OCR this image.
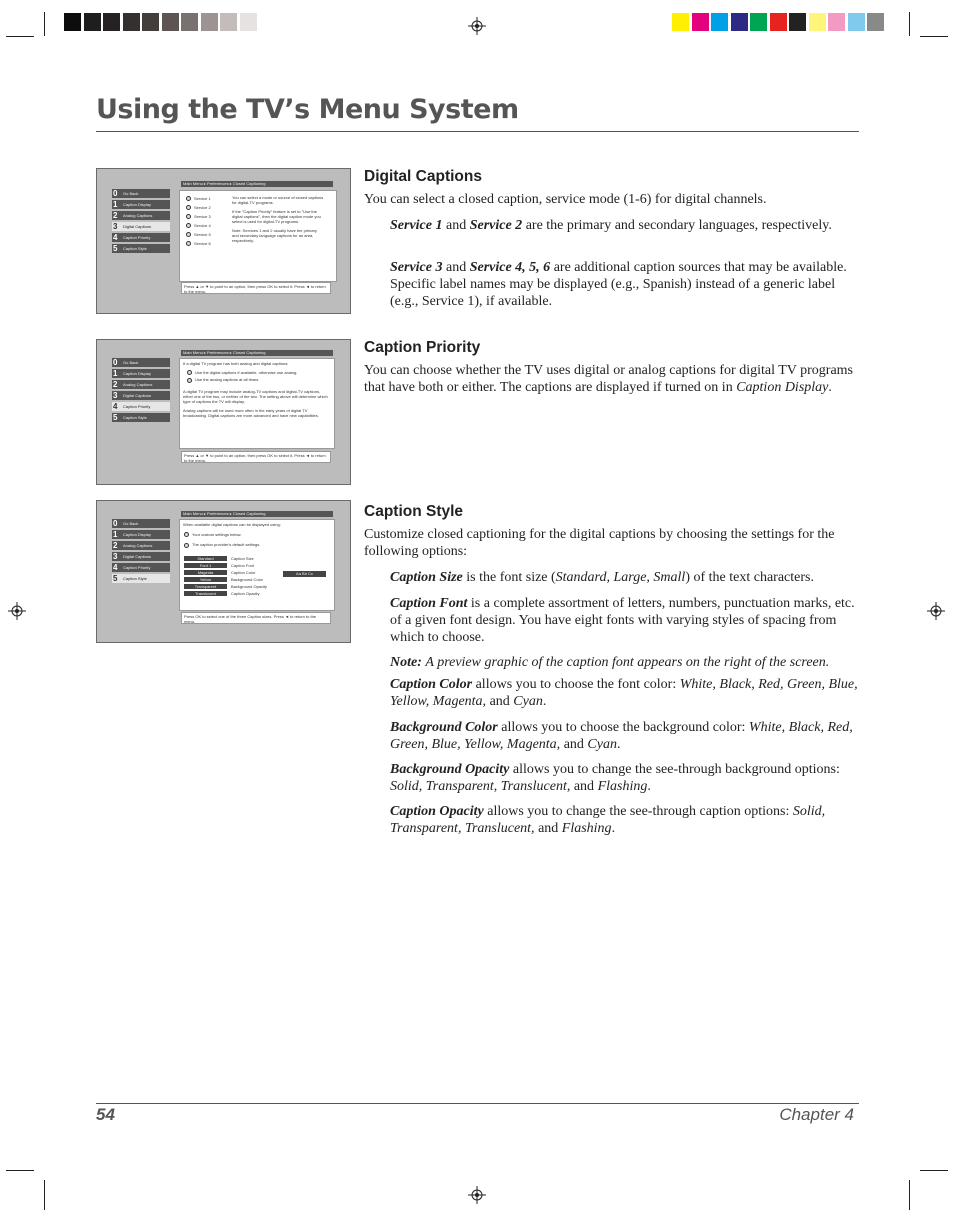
Using the TV’s Menu System
Main Menu ▸ Preferences ▸ Closed Captioning
0 Go Back
1 Caption Display
2 Analog Captions
3 Digital Captions
4 Caption Priority
5 Caption Style
Service 1
Service 2
Service 3
Service 4
Service 5
Service 6

You can select a mode or source of closed captions for digital-TV programs.

If the "Caption Priority" feature is set to "Use the digital captions", then the digital caption mode you select is used for digital-TV programs.

Note: Services 1 and 2 usually have the primary and secondary language captions for an area, respectively.

Press ▲ or ▼ to point to an option, then press OK to select it. Press ◄ to return to the menu.
Main Menu ▸ Preferences ▸ Closed Captioning
0 Go Back
1 Caption Display
2 Analog Captions
3 Digital Captions
4 Caption Priority
5 Caption Style

If a digital TV program has both analog and digital captions:

Use the digital captions if available, otherwise use analog.
Use the analog captions at all times.

A digital TV program may include analog-TV captions and digital-TV captions, either one of the two, or neither of the two. The setting above will determine which type of captions the TV will display.

Analog captions will be used more often in the early years of digital TV broadcasting. Digital captions are more advanced and have new capabilities.

Press ▲ or ▼ to point to an option, then press OK to select it. Press ◄ to return to the menu.
Main Menu ▸ Preferences ▸ Closed Captioning
0 Go Back
1 Caption Display
2 Analog Captions
3 Digital Captions
4 Caption Priority
5 Caption Style
When available digital captions can be displayed using:
Your custom settings below.
The caption provider's default settings.
Standard	Caption Size
Font 1	Caption Font
Magenta	Caption Color
Yellow	Background Color
Transparent	Background Opacity
Translucent	Caption Opacity
Aa Bb Cc
Press OK to select one of the three Caption sizes. Press ◄ to return to the menu.
Digital Captions

You can select a closed caption, service mode (1-6) for digital channels.

Service 1 and Service 2 are the primary and secondary languages, respectively.

Service 3 and Service 4, 5, 6 are additional caption sources that may be available. Specific label names may be displayed (e.g., Spanish) instead of a generic label (e.g., Service 1), if available.

Caption Priority

You can choose whether the TV uses digital or analog captions for digital TV programs that have both or either. The captions are displayed if turned on in Caption Display.

Caption Style

Customize closed captioning for the digital captions by choosing the settings for the following options:

Caption Size is the font size (Standard, Large, Small) of the text characters.

Caption Font is a complete assortment of letters, numbers, punctuation marks, etc. of a given font design. You have eight fonts with varying styles of spacing from which to choose.

Note: A preview graphic of the caption font appears on the right of the screen.

Caption Color allows you to choose the font color: White, Black, Red, Green, Blue, Yellow, Magenta, and Cyan.

Background Color allows you to choose the background color: White, Black, Red, Green, Blue, Yellow, Magenta, and Cyan.

Background Opacity allows you to change the see-through background options: Solid, Transparent, Translucent, and Flashing.

Caption Opacity allows you to change the see-through caption options: Solid, Transparent, Translucent, and Flashing.

54	Chapter 4
